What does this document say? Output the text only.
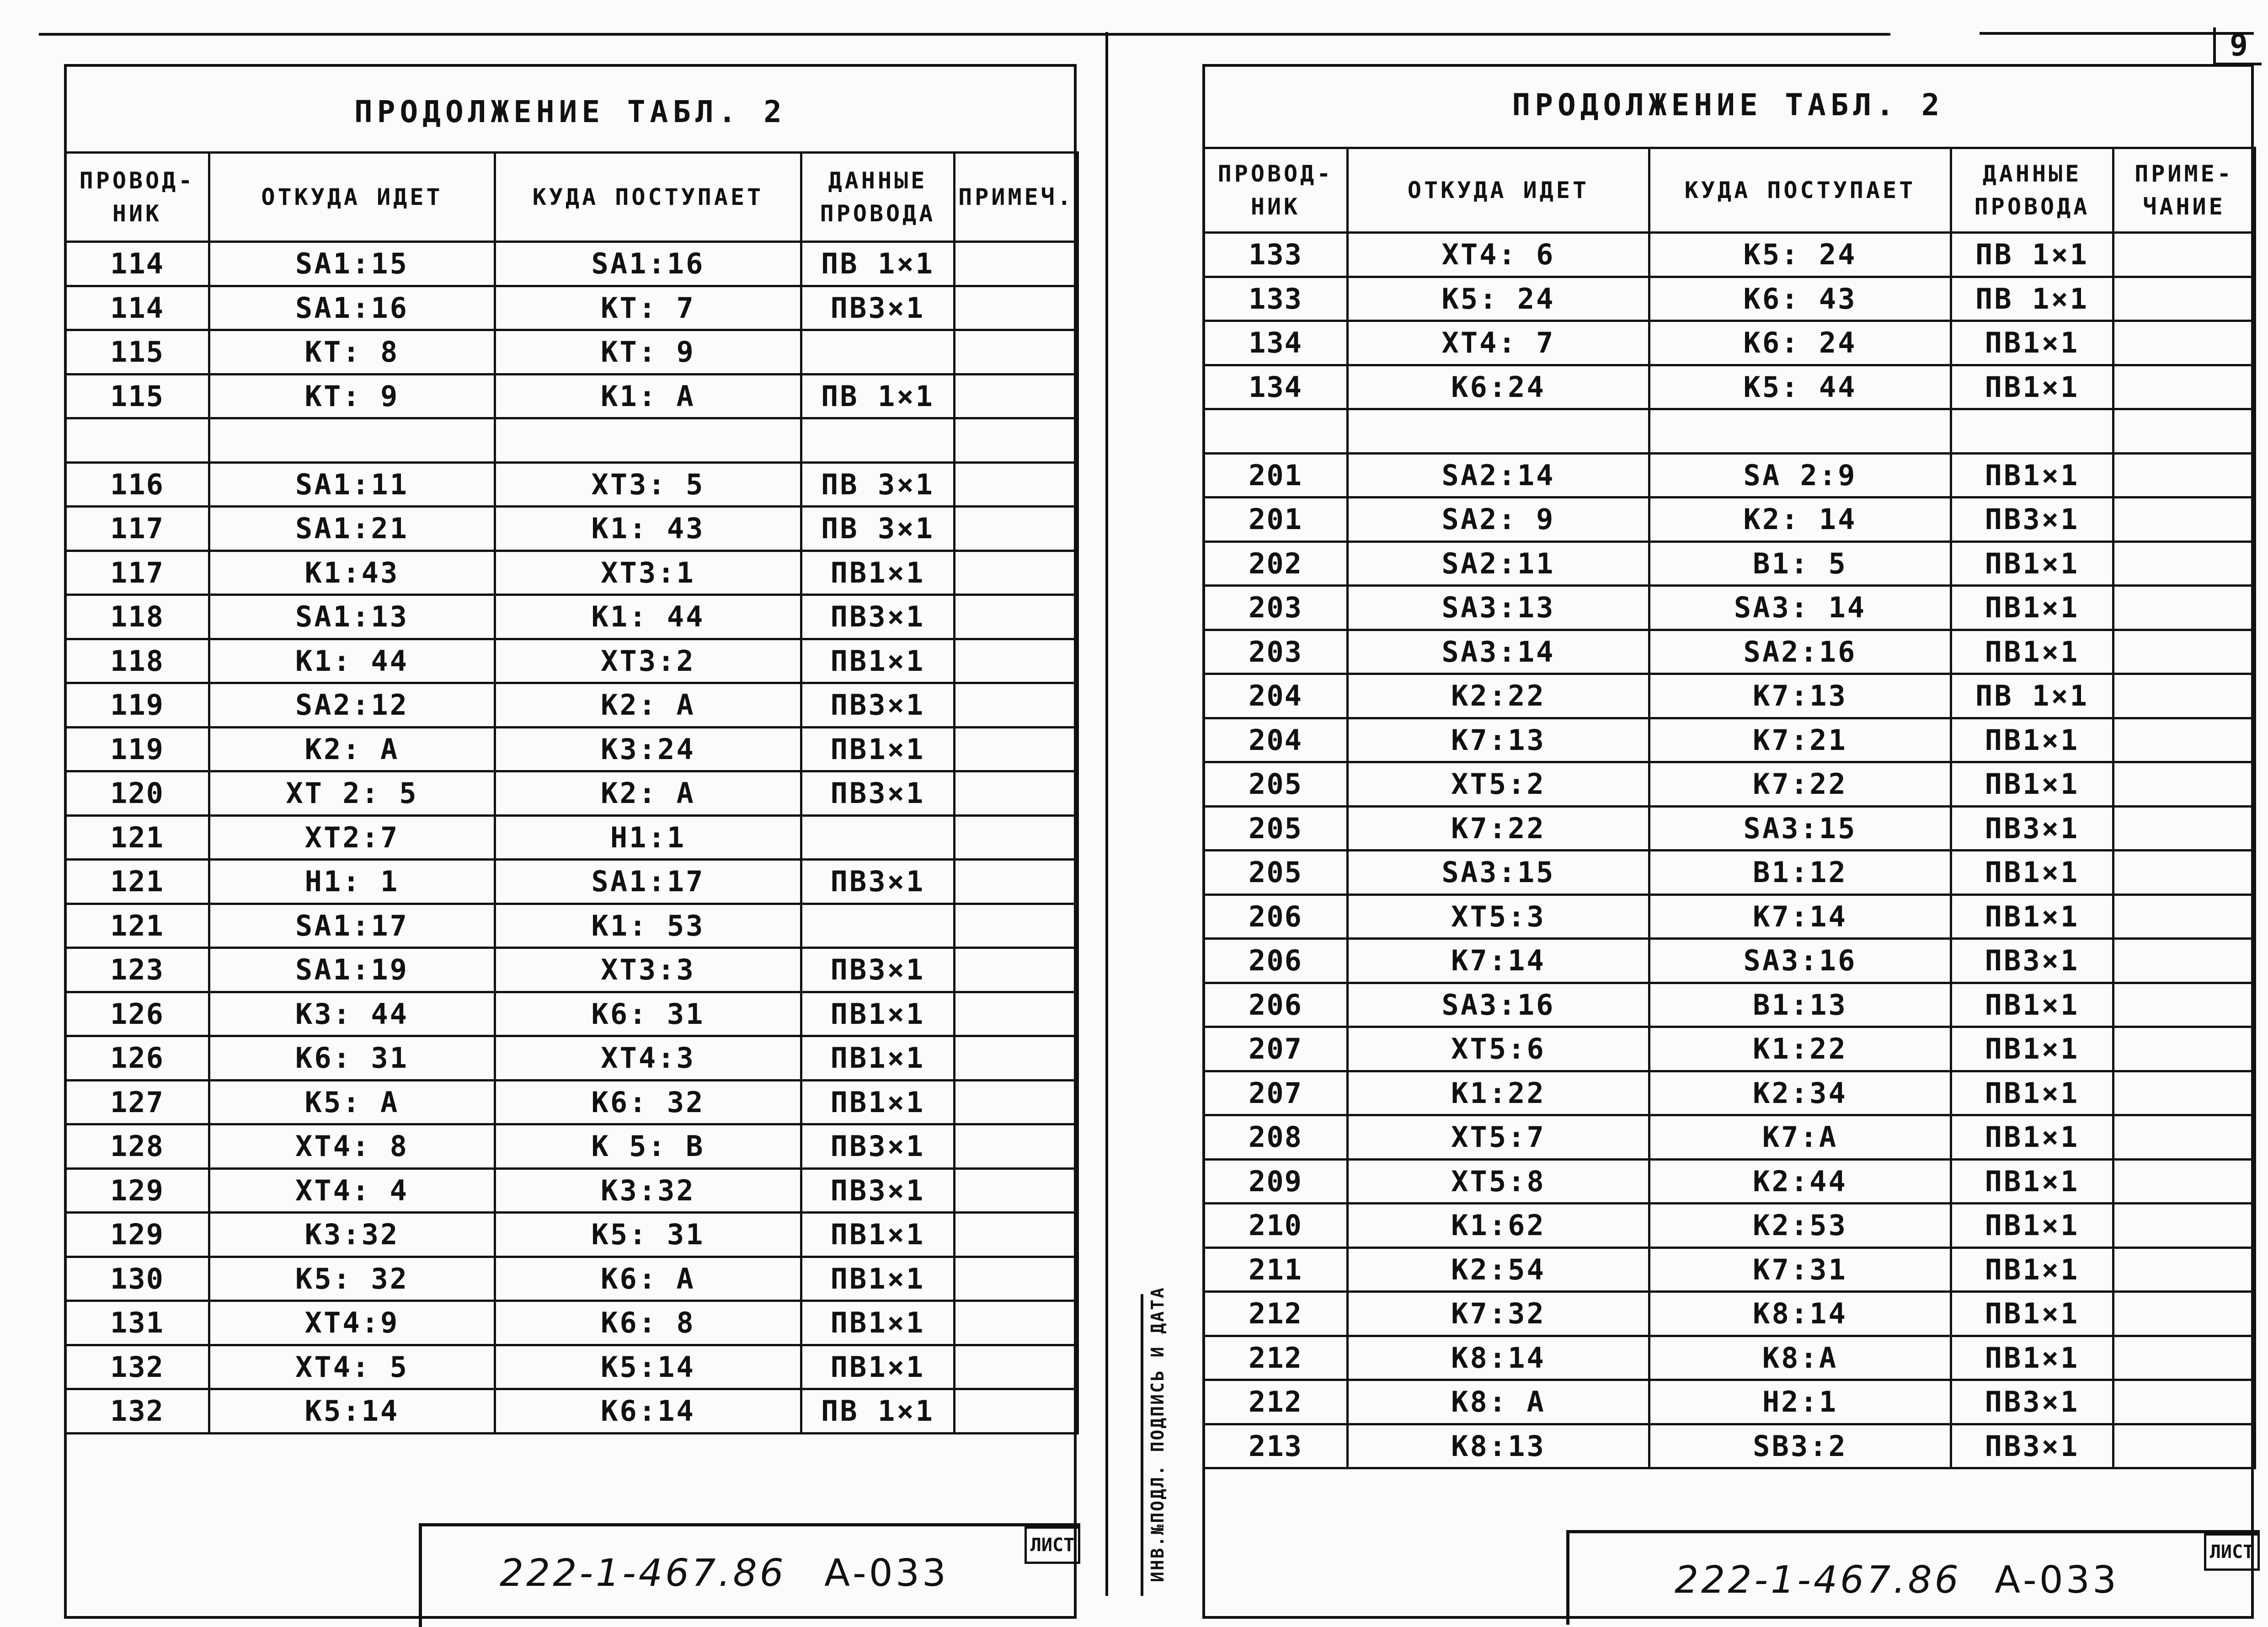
9
ИНВ.№ПОДЛ. ПОДПИСЬ И ДАТА
ПРОДОЛЖЕНИЕ ТАБЛ. 2
ПРОВОД-НИК	ОТКУДА ИДЕТ	КУДА ПОСТУПАЕТ	ДАННЫЕ ПРОВОДА	ПРИМЕЧ.
114	SA1:15	SA1:16	ПВ 1×1	
114	SA1:16	КТ: 7	ПВ3×1	
115	КТ: 8	КТ: 9		
115	КТ: 9	К1: А	ПВ 1×1	

116	SA1:11	ХТ3: 5	ПВ 3×1	
117	SA1:21	К1: 43	ПВ 3×1	
117	К1:43	ХТ3:1	ПВ1×1	
118	SA1:13	К1: 44	ПВ3×1	
118	К1: 44	ХТ3:2	ПВ1×1	
119	SA2:12	К2: А	ПВ3×1	
119	К2: А	К3:24	ПВ1×1	
120	ХТ 2: 5	К2: А	ПВ3×1	
121	ХТ2:7	Н1:1		
121	Н1: 1	SA1:17	ПВ3×1	
121	SA1:17	К1: 53		
123	SA1:19	ХТ3:3	ПВ3×1	
126	К3: 44	К6: 31	ПВ1×1	
126	К6: 31	ХТ4:3	ПВ1×1	
127	К5: А	К6: 32	ПВ1×1	
128	ХТ4: 8	К 5: В	ПВ3×1	
129	ХТ4: 4	К3:32	ПВ3×1	
129	К3:32	К5: 31	ПВ1×1	
130	К5: 32	К6: А	ПВ1×1	
131	ХТ4:9	К6: 8	ПВ1×1	
132	ХТ4: 5	К5:14	ПВ1×1	
132	К5:14	К6:14	ПВ 1×1	
222-1-467.86 А-033
ЛИСТ
ПРОДОЛЖЕНИЕ ТАБЛ. 2
ПРОВОД-НИК	ОТКУДА ИДЕТ	КУДА ПОСТУПАЕТ	ДАННЫЕ ПРОВОДА	ПРИМЕ-ЧАНИЕ
133	ХТ4: 6	К5: 24	ПВ 1×1	
133	К5: 24	К6: 43	ПВ 1×1	
134	ХТ4: 7	К6: 24	ПВ1×1	
134	К6:24	К5: 44	ПВ1×1	

201	SA2:14	SA 2:9	ПВ1×1	
201	SA2: 9	К2: 14	ПВ3×1	
202	SA2:11	В1: 5	ПВ1×1	
203	SA3:13	SA3: 14	ПВ1×1	
203	SA3:14	SA2:16	ПВ1×1	
204	К2:22	К7:13	ПВ 1×1	
204	К7:13	К7:21	ПВ1×1	
205	ХТ5:2	К7:22	ПВ1×1	
205	К7:22	SA3:15	ПВ3×1	
205	SA3:15	В1:12	ПВ1×1	
206	ХТ5:3	К7:14	ПВ1×1	
206	К7:14	SA3:16	ПВ3×1	
206	SA3:16	В1:13	ПВ1×1	
207	ХТ5:6	К1:22	ПВ1×1	
207	К1:22	К2:34	ПВ1×1	
208	ХТ5:7	К7:А	ПВ1×1	
209	ХТ5:8	К2:44	ПВ1×1	
210	К1:62	К2:53	ПВ1×1	
211	К2:54	К7:31	ПВ1×1	
212	К7:32	К8:14	ПВ1×1	
212	К8:14	К8:А	ПВ1×1	
212	К8: А	Н2:1	ПВ3×1	
213	К8:13	SB3:2	ПВ3×1	
222-1-467.86 А-033
ЛИСТ
